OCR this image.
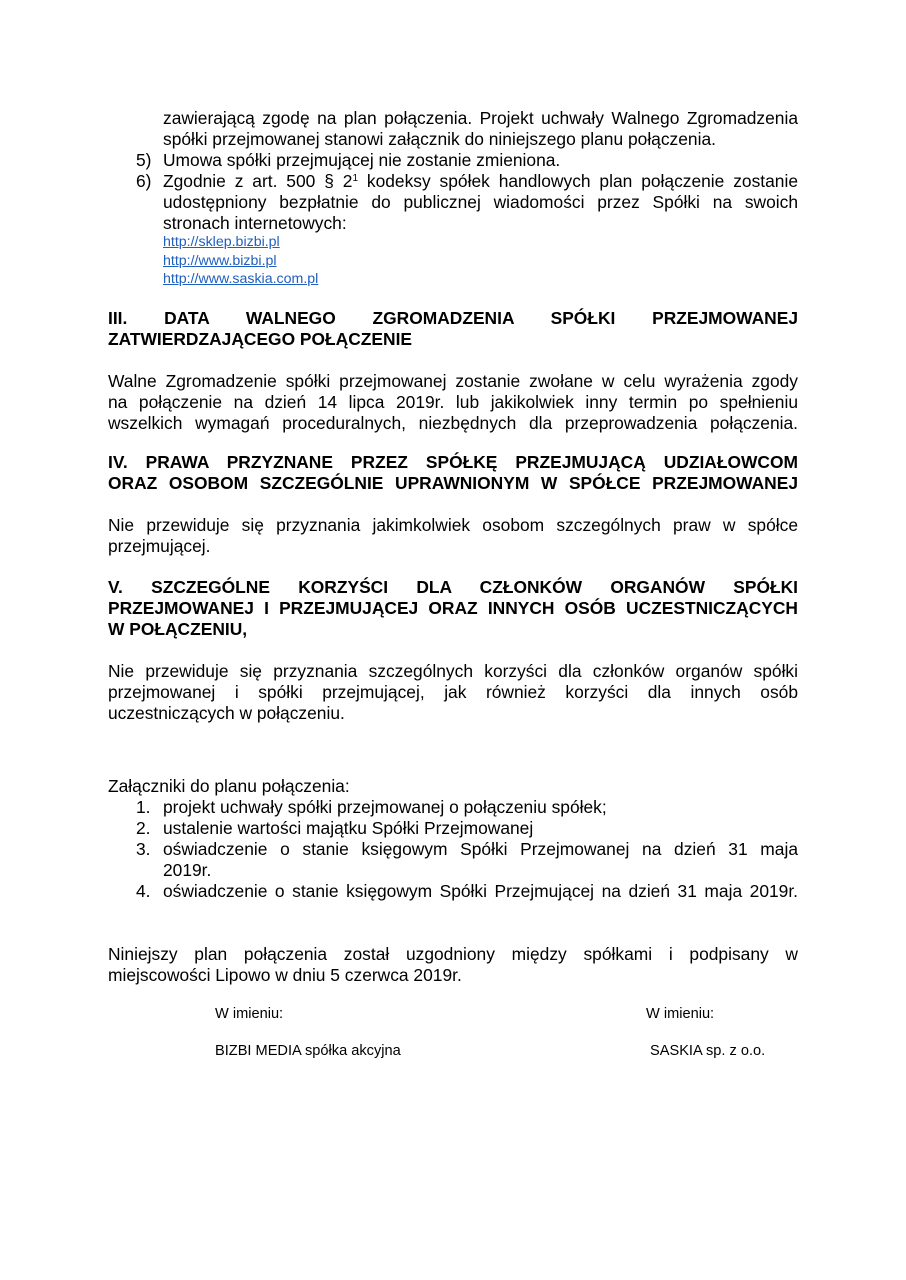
zawierającą zgodę na plan połączenia. Projekt uchwały Walnego Zgromadzenia
spółki przejmowanej stanowi załącznik do niniejszego planu połączenia.
5) Umowa spółki przejmującej nie zostanie zmieniona.
6) Zgodnie z art. 500 § $2^1$ kodeksy spółek handlowych plan połączenie zostanie
udostępniony bezpłatnie do publicznej wiadomości przez Spółki na swoich
stronach internetowych:
http://sklep.bizbi.pl
http://www.bizbi.pl
http://www.saskia.com.pl
III. DATA WALNEGO ZGROMADZENIA SPÓŁKI PRZEJMOWANEJ
ZATWIERDZAJĄCEGO POŁĄCZENIE
Walne Zgromadzenie spółki przejmowanej zostanie zwołane w celu wyrażenia zgody
na połączenie na dzień 14 lipca 2019r. lub jakikolwiek inny termin po spełnieniu
wszelkich wymagań proceduralnych, niezbędnych dla przeprowadzenia połączenia.
IV. PRAWA PRZYZNANE PRZEZ SPÓŁKĘ PRZEJMUJĄCĄ UDZIAŁOWCOM
ORAZ OSOBOM SZCZEGÓLNIE UPRAWNIONYM W SPÓŁCE PRZEJMOWANEJ
Nie przewiduje się przyznania jakimkolwiek osobom szczególnych praw w spółce
przejmującej.
V. SZCZEGÓLNE KORZYŚCI DLA CZŁONKÓW ORGANÓW SPÓŁKI
PRZEJMOWANEJ I PRZEJMUJĄCEJ ORAZ INNYCH OSÓB UCZESTNICZĄCYCH
W POŁĄCZENIU,
Nie przewiduje się przyznania szczególnych korzyści dla członków organów spółki
przejmowanej i spółki przejmującej, jak również korzyści dla innych osób
uczestniczących w połączeniu.
Załączniki do planu połączenia:
1. projekt uchwały spółki przejmowanej o połączeniu spółek;
2. ustalenie wartości majątku Spółki Przejmowanej
3. oświadczenie o stanie księgowym Spółki Przejmowanej na dzień 31 maja
2019r.
4. oświadczenie o stanie księgowym Spółki Przejmującej na dzień 31 maja 2019r.
Niniejszy plan połączenia został uzgodniony między spółkami i podpisany w
miejscowości Lipowo w dniu 5 czerwca 2019r.
W imieniu:	W imieniu:
BIZBI MEDIA spółka akcyjna	SASKIA sp. z o.o.
